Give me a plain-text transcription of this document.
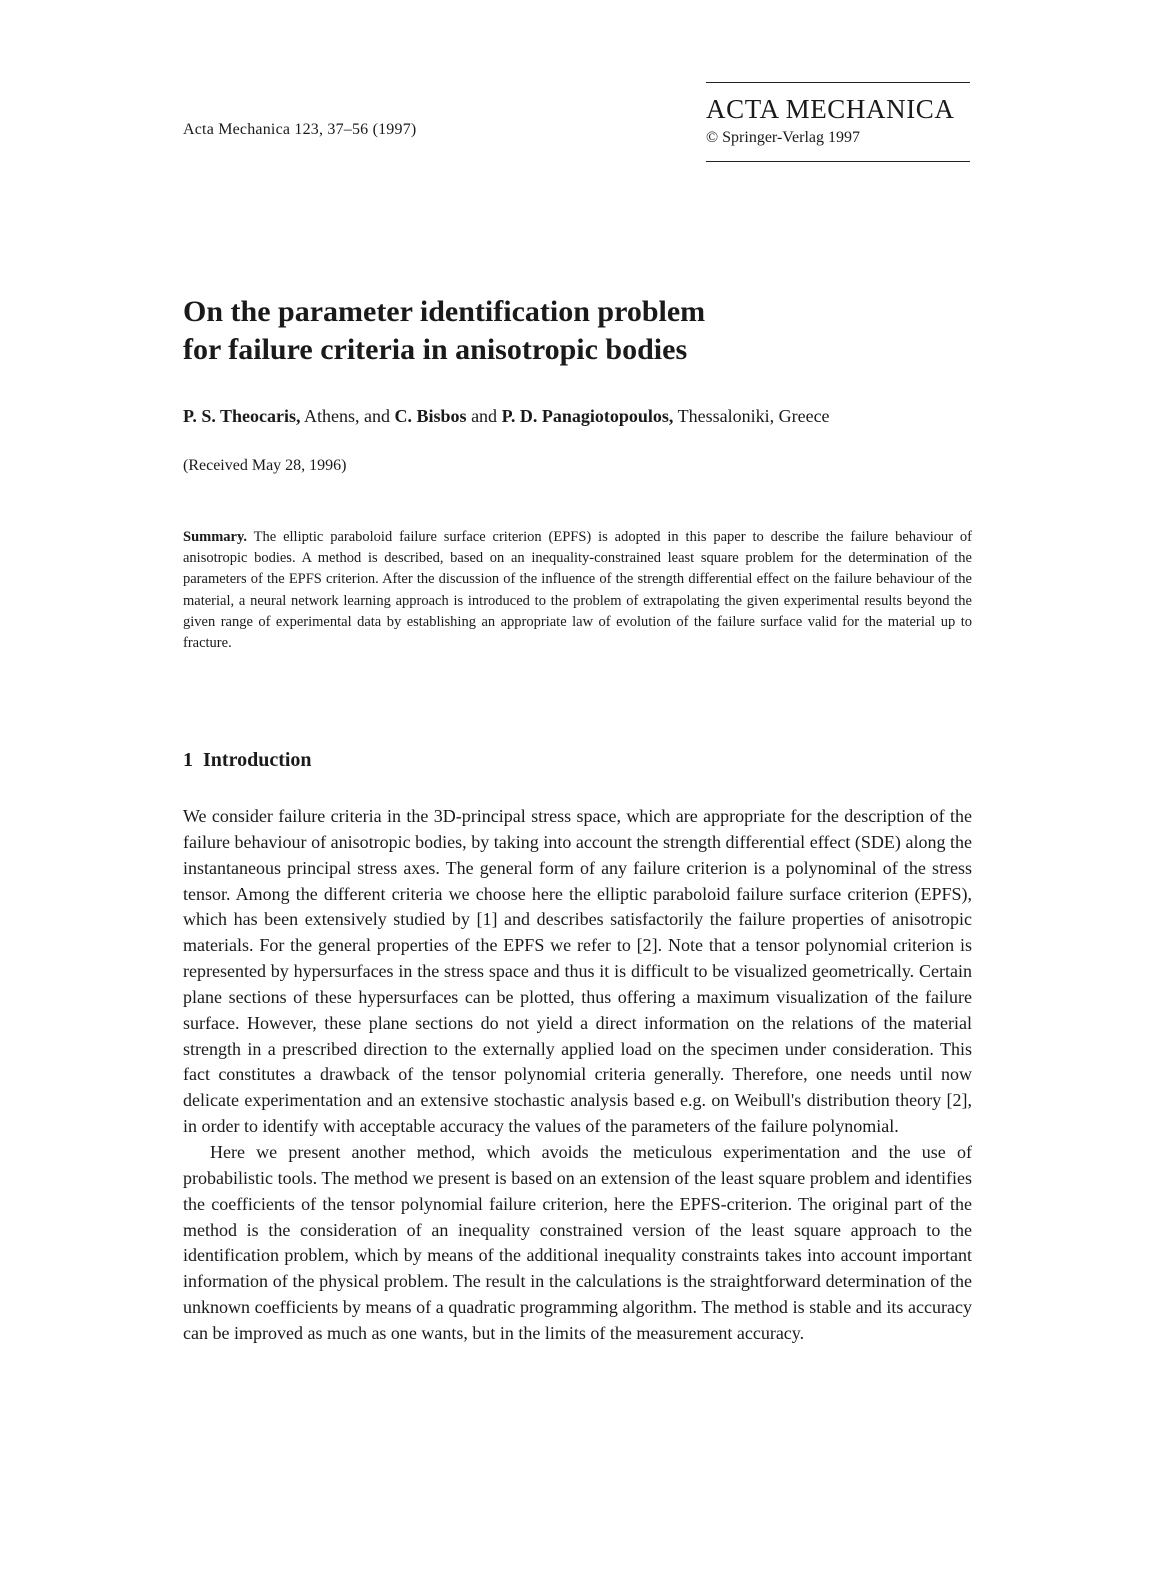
Acta Mechanica 123, 37–56 (1997)
ACTA MECHANICA
© Springer-Verlag 1997
On the parameter identification problem
for failure criteria in anisotropic bodies
P. S. Theocaris, Athens, and C. Bisbos and P. D. Panagiotopoulos, Thessaloniki, Greece
(Received May 28, 1996)

Summary. The elliptic paraboloid failure surface criterion (EPFS) is adopted in this paper to describe the failure behaviour of anisotropic bodies. A method is described, based on an inequality-constrained least square problem for the determination of the parameters of the EPFS criterion. After the discussion of the influence of the strength differential effect on the failure behaviour of the material, a neural network learning approach is introduced to the problem of extrapolating the given experimental results beyond the given range of experimental data by establishing an appropriate law of evolution of the failure surface valid for the material up to fracture.

1 Introduction

We consider failure criteria in the 3D-principal stress space, which are appropriate for the description of the failure behaviour of anisotropic bodies, by taking into account the strength differential effect (SDE) along the instantaneous principal stress axes. The general form of any failure criterion is a polynominal of the stress tensor. Among the different criteria we choose here the elliptic paraboloid failure surface criterion (EPFS), which has been extensively studied by [1] and describes satisfactorily the failure properties of anisotropic materials. For the general properties of the EPFS we refer to [2]. Note that a tensor polynomial criterion is represented by hypersurfaces in the stress space and thus it is difficult to be visualized geometrically. Certain plane sections of these hypersurfaces can be plotted, thus offering a maximum visualization of the failure surface. However, these plane sections do not yield a direct information on the relations of the material strength in a prescribed direction to the externally applied load on the specimen under consideration. This fact constitutes a drawback of the tensor polynomial criteria generally. Therefore, one needs until now delicate experimentation and an extensive stochastic analysis based e.g. on Weibull's distribution theory [2], in order to identify with acceptable accuracy the values of the parameters of the failure polynomial.

Here we present another method, which avoids the meticulous experimentation and the use of probabilistic tools. The method we present is based on an extension of the least square problem and identifies the coefficients of the tensor polynomial failure criterion, here the EPFS-criterion. The original part of the method is the consideration of an inequality constrained version of the least square approach to the identification problem, which by means of the additional inequality constraints takes into account important information of the physical problem. The result in the calculations is the straightforward determination of the unknown coefficients by means of a quadratic programming algorithm. The method is stable and its accuracy can be improved as much as one wants, but in the limits of the measurement accuracy.
